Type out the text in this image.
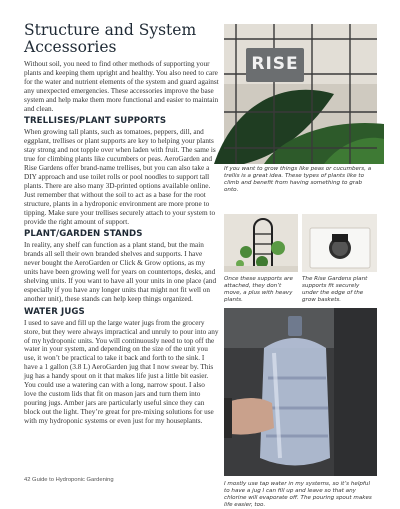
Structure and System Accessories

Without soil, you need to find other methods of supporting your plants and keeping them upright and healthy. You also need to care for the water and nutrient elements of the system and guard against any unexpected emergencies. These accessories improve the base system and help make them more functional and easier to maintain and clean.

TRELLISES/PLANT SUPPORTS

When growing tall plants, such as tomatoes, peppers, dill, and eggplant, trellises or plant supports are key to helping your plants stay strong and not topple over when laden with fruit. The same is true for climbing plants like cucumbers or peas. AeroGarden and Rise Gardens offer brand-name trellises, but you can also take a DIY approach and use toilet rolls or pool noodles to support tall plants. There are also many 3D-printed options available online. Just remember that without the soil to act as a base for the root structure, plants in a hydroponic environment are more prone to tipping. Make sure your trellises securely attach to your system to provide the right amount of support.

PLANT/GARDEN STANDS

In reality, any shelf can function as a plant stand, but the main brands all sell their own branded shelves and supports. I have never bought the AeroGarden or Click & Grow options, as my units have been growing well for years on countertops, desks, and shelving units. If you want to have all your units in one place (and especially if you have any longer units that might not fit well on another unit), these stands can help keep things organized.

WATER JUGS

I used to save and fill up the large water jugs from the grocery store, but they were always impractical and unruly to pour into any of my hydroponic units. You will continuously need to top off the water in your system, and depending on the size of the unit you use, it won’t be practical to take it back and forth to the sink. I have a 1 gallon (3.8 L) AeroGarden jug that I now swear by. This jug has a handy spout on it that makes life just a little bit easier. You could use a watering can with a long, narrow spout. I also love the custom lids that fit on mason jars and turn them into pouring jugs. Amber jars are particularly useful since they can block out the light. They’re great for pre-mixing solutions for use with my hydroponic systems or even just for my houseplants.

RISE

If you want to grow things like peas or cucumbers, a trellis is a great idea. These types of plants like to climb and benefit from having something to grab onto.

Once these supports are attached, they don’t move, a plus with heavy plants.

The Rise Gardens plant supports fit securely under the edge of the grow baskets.

I mostly use tap water in my systems, so it’s helpful to have a jug I can fill up and leave so that any chlorine will evaporate off. The pouring spout makes life easier, too.

42 Guide to Hydroponic Gardening
